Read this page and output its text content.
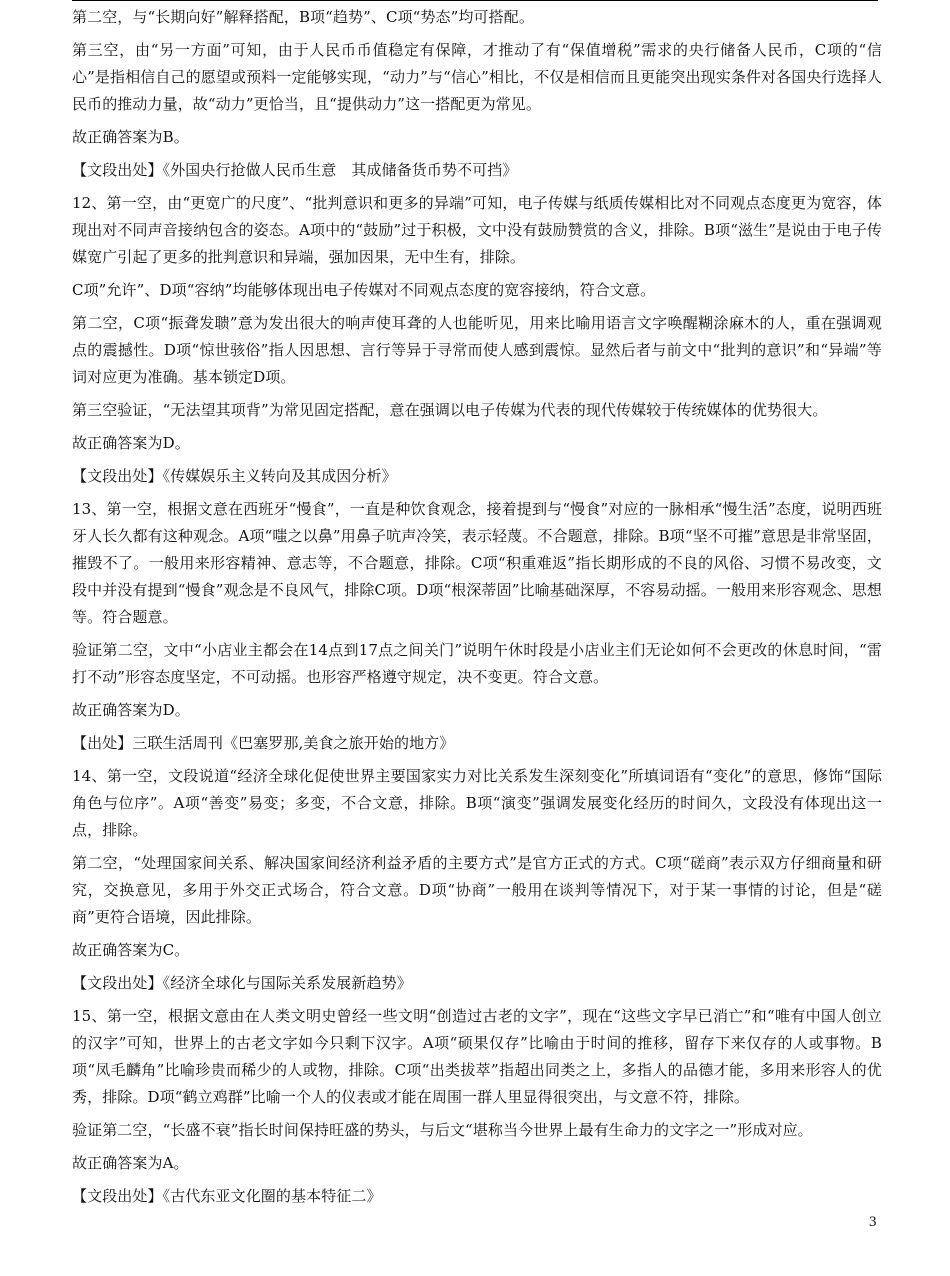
第二空，与“长期向好”解释搭配，B项“趋势”、C项“势态”均可搭配。

第三空，由“另一方面”可知，由于人民币币值稳定有保障，才推动了有“保值增税”需求的央行储备人民币，C项的“信心”是指相信自己的愿望或预料一定能够实现，“动力”与“信心”相比，不仅是相信而且更能突出现实条件对各国央行选择人民币的推动力量，故“动力”更恰当，且“提供动力”这一搭配更为常见。

故正确答案为B。

【文段出处】《外国央行抢做人民币生意　其成储备货币势不可挡》

12、第一空，由“更宽广的尺度”、“批判意识和更多的异端”可知，电子传媒与纸质传媒相比对不同观点态度更为宽容，体现出对不同声音接纳包含的姿态。A项中的“鼓励”过于积极，文中没有鼓励赞赏的含义，排除。B项“滋生”是说由于电子传媒宽广引起了更多的批判意识和异端，强加因果，无中生有，排除。

C项”允许”、D项“容纳”均能够体现出电子传媒对不同观点态度的宽容接纳，符合文意。

第二空，C项“振聋发聩”意为发出很大的响声使耳聋的人也能听见，用来比喻用语言文字唤醒糊涂麻木的人，重在强调观点的震撼性。D项“惊世骇俗”指人因思想、言行等异于寻常而使人感到震惊。显然后者与前文中“批判的意识”和“异端”等词对应更为准确。基本锁定D项。

第三空验证，“无法望其项背”为常见固定搭配，意在强调以电子传媒为代表的现代传媒较于传统媒体的优势很大。

故正确答案为D。

【文段出处】《传媒娱乐主义转向及其成因分析》

13、第一空，根据文意在西班牙“慢食”，一直是种饮食观念，接着提到与“慢食”对应的一脉相承“慢生活”态度，说明西班牙人长久都有这种观念。A项“嗤之以鼻”用鼻子吭声冷笑，表示轻蔑。不合题意，排除。B项“坚不可摧”意思是非常坚固，摧毁不了。一般用来形容精神、意志等，不合题意，排除。C项“积重难返”指长期形成的不良的风俗、习惯不易改变，文段中并没有提到“慢食”观念是不良风气，排除C项。D项“根深蒂固”比喻基础深厚，不容易动摇。一般用来形容观念、思想等。符合题意。

验证第二空，文中“小店业主都会在14点到17点之间关门”说明午休时段是小店业主们无论如何不会更改的休息时间，“雷打不动”形容态度坚定，不可动摇。也形容严格遵守规定，决不变更。符合文意。

故正确答案为D。

【出处】三联生活周刊《巴塞罗那,美食之旅开始的地方》

14、第一空，文段说道“经济全球化促使世界主要国家实力对比关系发生深刻变化”所填词语有“变化”的意思，修饰“国际角色与位序”。A项“善变”易变；多变，不合文意，排除。B项“演变”强调发展变化经历的时间久，文段没有体现出这一点，排除。

第二空，“处理国家间关系、解决国家间经济利益矛盾的主要方式”是官方正式的方式。C项“磋商”表示双方仔细商量和研究，交换意见，多用于外交正式场合，符合文意。D项“协商”一般用在谈判等情况下，对于某一事情的讨论，但是“磋商”更符合语境，因此排除。

故正确答案为C。

【文段出处】《经济全球化与国际关系发展新趋势》

15、第一空，根据文意由在人类文明史曾经一些文明“创造过古老的文字”，现在“这些文字早已消亡”和“唯有中国人创立的汉字”可知，世界上的古老文字如今只剩下汉字。A项“硕果仅存”比喻由于时间的推移，留存下来仅存的人或事物。B项“凤毛麟角”比喻珍贵而稀少的人或物，排除。C项“出类拔萃”指超出同类之上，多指人的品德才能，多用来形容人的优秀，排除。D项“鹤立鸡群”比喻一个人的仪表或才能在周围一群人里显得很突出，与文意不符，排除。

验证第二空，“长盛不衰”指长时间保持旺盛的势头，与后文“堪称当今世界上最有生命力的文字之一”形成对应。

故正确答案为A。

【文段出处】《古代东亚文化圈的基本特征二》

3
